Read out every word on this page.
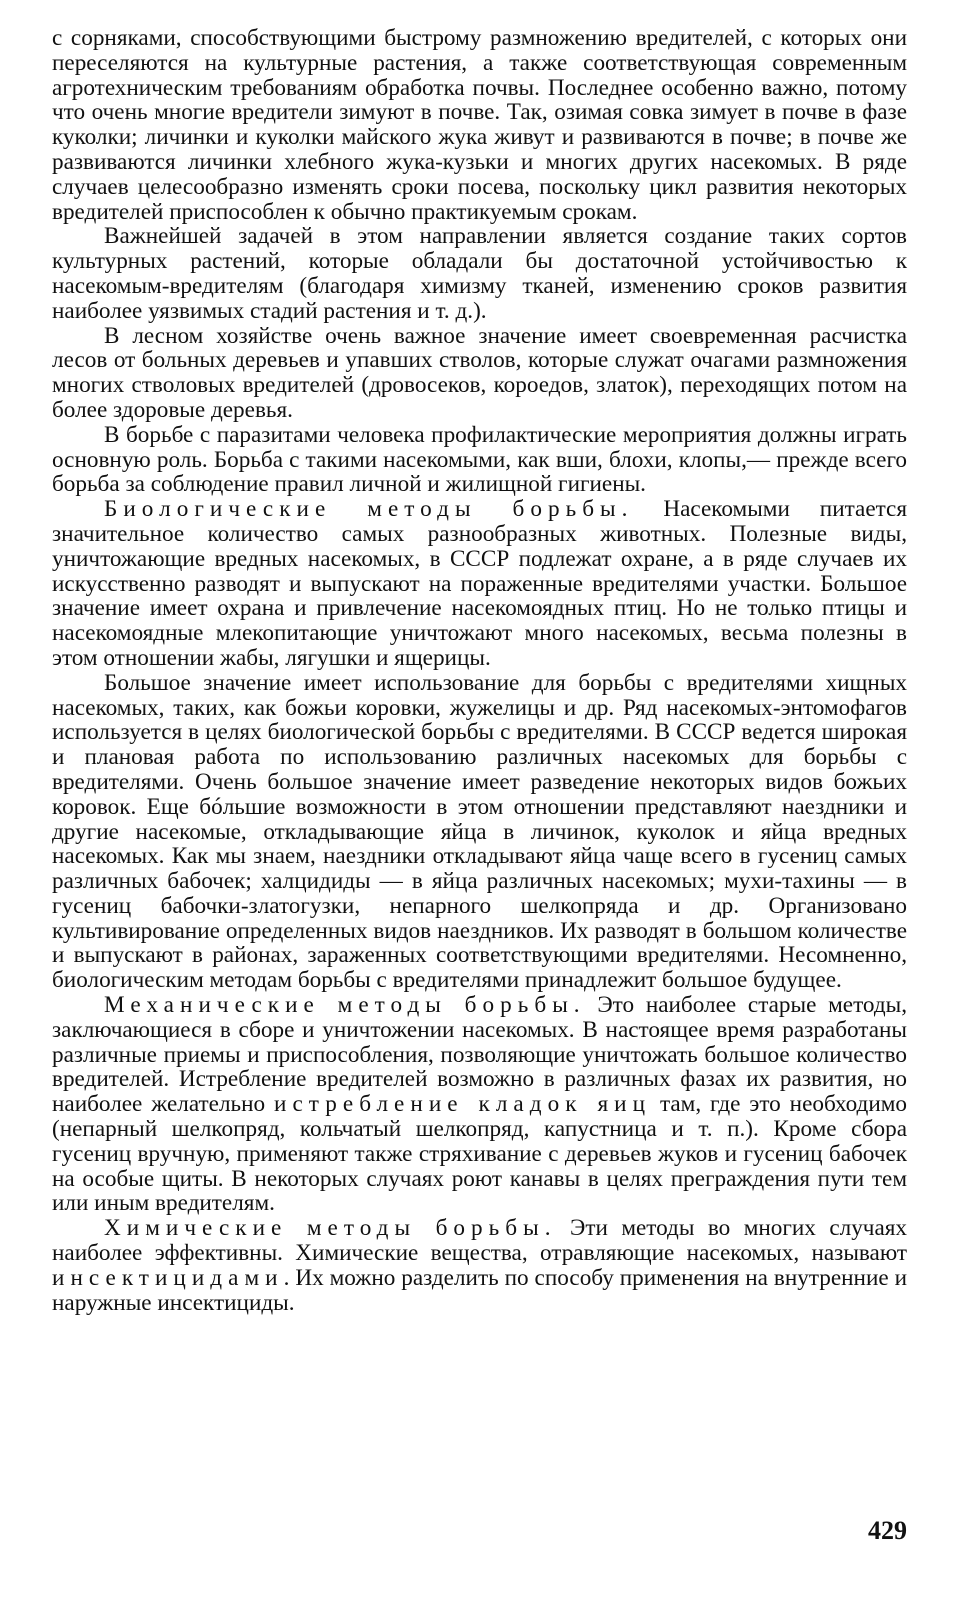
с сорняками, способствующими быстрому размножению вредителей, с которых они переселяются на культурные растения, а также соответствующая современным агротехническим требованиям обработка почвы. Последнее особенно важно, потому что очень многие вредители зимуют в почве. Так, озимая совка зимует в почве в фазе куколки; личинки и куколки майского жука живут и развиваются в почве; в почве же развиваются личинки хлебного жука-кузьки и многих других насекомых. В ряде случаев целесообразно изменять сроки посева, поскольку цикл развития некоторых вредителей приспособлен к обычно практикуемым срокам.

Важнейшей задачей в этом направлении является создание таких сортов культурных растений, которые обладали бы достаточной устойчивостью к насекомым-вредителям (благодаря химизму тканей, изменению сроков развития наиболее уязвимых стадий растения и т. д.).

В лесном хозяйстве очень важное значение имеет своевременная расчистка лесов от больных деревьев и упавших стволов, которые служат очагами размножения многих стволовых вредителей (дровосеков, короедов, златок), переходящих потом на более здоровые деревья.

В борьбе с паразитами человека профилактические мероприятия должны играть основную роль. Борьба с такими насекомыми, как вши, блохи, клопы,— прежде всего борьба за соблюдение правил личной и жилищной гигиены.

Биологические методы борьбы. Насекомыми питается значительное количество самых разнообразных животных. Полезные виды, уничтожающие вредных насекомых, в СССР подлежат охране, а в ряде случаев их искусственно разводят и выпускают на пораженные вредителями участки. Большое значение имеет охрана и привлечение насекомоядных птиц. Но не только птицы и насекомоядные млекопитающие уничтожают много насекомых, весьма полезны в этом отношении жабы, лягушки и ящерицы.

Большое значение имеет использование для борьбы с вредителями хищных насекомых, таких, как божьи коровки, жужелицы и др. Ряд насекомых-энтомофагов используется в целях биологической борьбы с вредителями. В СССР ведется широкая и плановая работа по использованию различных насекомых для борьбы с вредителями. Очень большое значение имеет разведение некоторых видов божьих коровок. Еще бóльшие возможности в этом отношении представляют наездники и другие насекомые, откладывающие яйца в личинок, куколок и яйца вредных насекомых. Как мы знаем, наездники откладывают яйца чаще всего в гусениц самых различных бабочек; халцидиды — в яйца различных насекомых; мухи-тахины — в гусениц бабочки-златогузки, непарного шелкопряда и др. Организовано культивирование определенных видов наездников. Их разводят в большом количестве и выпускают в районах, зараженных соответствующими вредителями. Несомненно, биологическим методам борьбы с вредителями принадлежит большое будущее.

Механические методы борьбы. Это наиболее старые методы, заключающиеся в сборе и уничтожении насекомых. В настоящее время разработаны различные приемы и приспособления, позволяющие уничтожать большое количество вредителей. Истребление вредителей возможно в различных фазах их развития, но наиболее желательно истребление кладок яиц там, где это необходимо (непарный шелкопряд, кольчатый шелкопряд, капустница и т. п.). Кроме сбора гусениц вручную, применяют также стряхивание с деревьев жуков и гусениц бабочек на особые щиты. В некоторых случаях роют канавы в целях преграждения пути тем или иным вредителям.

Химические методы борьбы. Эти методы во многих случаях наиболее эффективны. Химические вещества, отравляющие насекомых, называют инсектицидами. Их можно разделить по способу применения на внутренние и наружные инсектициды.

429
